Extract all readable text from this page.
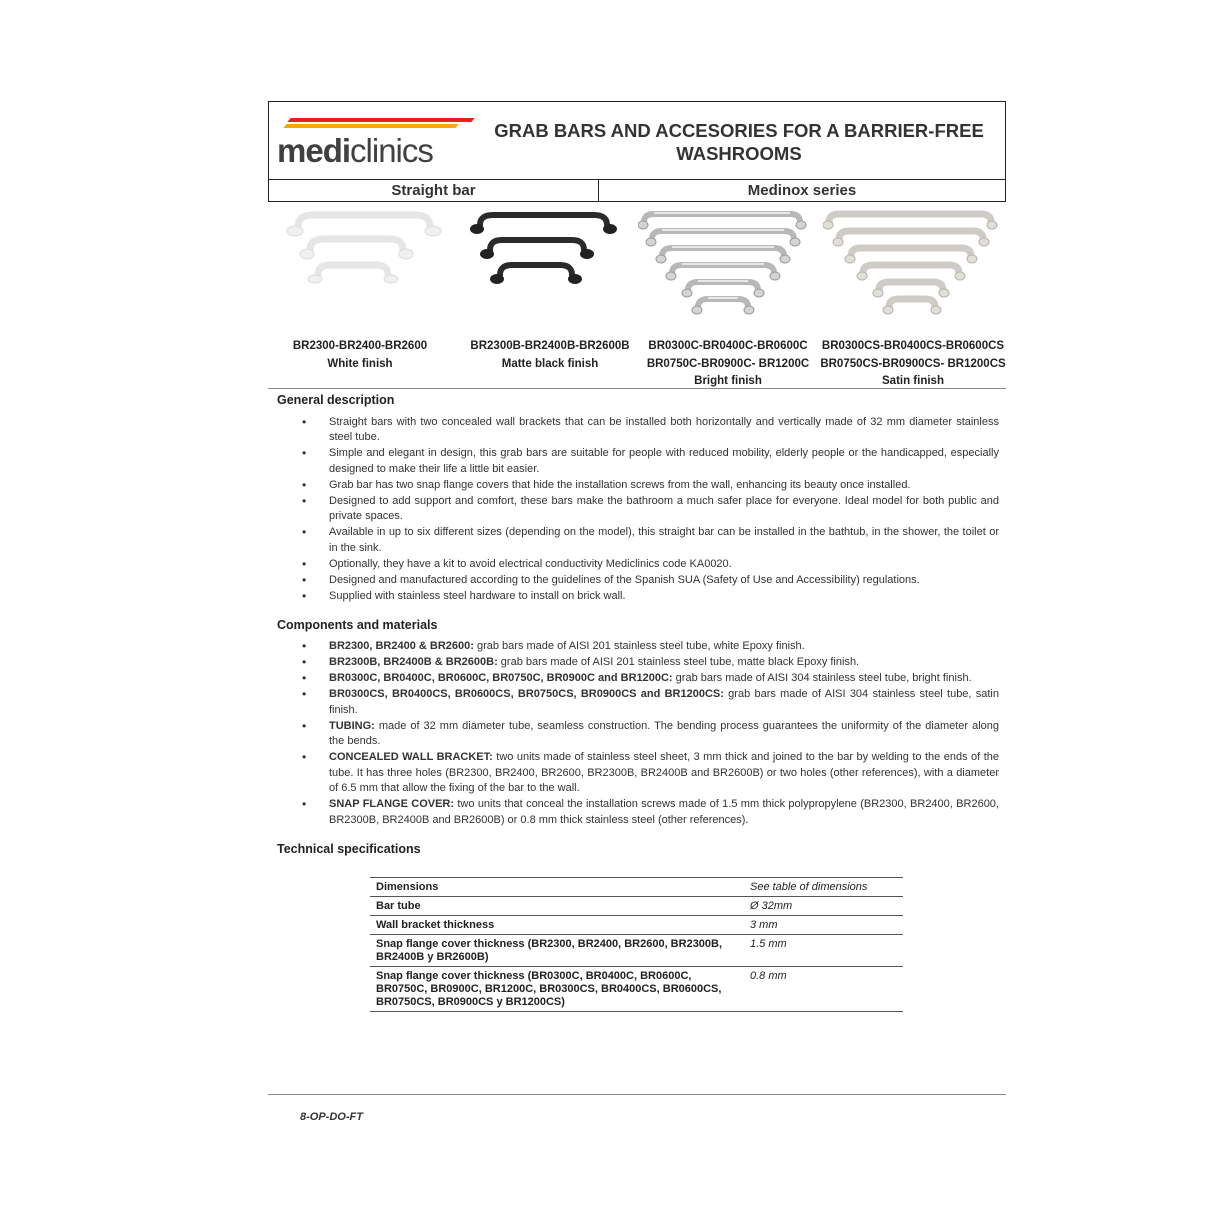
mediclinics
GRAB BARS AND ACCESORIES FOR A BARRIER-FREE WASHROOMS
Straight bar	Medinox series
BR2300-BR2400-BR2600
White finish
BR2300B-BR2400B-BR2600B
Matte black finish
BR0300C-BR0400C-BR0600C
BR0750C-BR0900C- BR1200C
Bright finish
BR0300CS-BR0400CS-BR0600CS
BR0750CS-BR0900CS- BR1200CS
Satin finish
General description
• Straight bars with two concealed wall brackets that can be installed both horizontally and vertically made of 32 mm diameter stainless steel tube.
• Simple and elegant in design, this grab bars are suitable for people with reduced mobility, elderly people or the handicapped, especially designed to make their life a little bit easier.
• Grab bar has two snap flange covers that hide the installation screws from the wall, enhancing its beauty once installed.
• Designed to add support and comfort, these bars make the bathroom a much safer place for everyone. Ideal model for both public and private spaces.
• Available in up to six different sizes (depending on the model), this straight bar can be installed in the bathtub, in the shower, the toilet or in the sink.
• Optionally, they have a kit to avoid electrical conductivity Mediclinics code KA0020.
• Designed and manufactured according to the guidelines of the Spanish SUA (Safety of Use and Accessibility) regulations.
• Supplied with stainless steel hardware to install on brick wall.
Components and materials
• BR2300, BR2400 & BR2600: grab bars made of AISI 201 stainless steel tube, white Epoxy finish.
• BR2300B, BR2400B & BR2600B: grab bars made of AISI 201 stainless steel tube, matte black Epoxy finish.
• BR0300C, BR0400C, BR0600C, BR0750C, BR0900C and BR1200C: grab bars made of AISI 304 stainless steel tube, bright finish.
• BR0300CS, BR0400CS, BR0600CS, BR0750CS, BR0900CS and BR1200CS: grab bars made of AISI 304 stainless steel tube, satin finish.
• TUBING: made of 32 mm diameter tube, seamless construction. The bending process guarantees the uniformity of the diameter along the bends.
• CONCEALED WALL BRACKET: two units made of stainless steel sheet, 3 mm thick and joined to the bar by welding to the ends of the tube. It has three holes (BR2300, BR2400, BR2600, BR2300B, BR2400B and BR2600B) or two holes (other references), with a diameter of 6.5 mm that allow the fixing of the bar to the wall.
• SNAP FLANGE COVER: two units that conceal the installation screws made of 1.5 mm thick polypropylene (BR2300, BR2400, BR2600, BR2300B, BR2400B and BR2600B) or 0.8 mm thick stainless steel (other references).
Technical specifications
Dimensions	See table of dimensions
Bar tube	Ø 32mm
Wall bracket thickness	3 mm
Snap flange cover thickness (BR2300, BR2400, BR2600, BR2300B, BR2400B y BR2600B)	1.5 mm
Snap flange cover thickness (BR0300C, BR0400C, BR0600C, BR0750C, BR0900C, BR1200C, BR0300CS, BR0400CS, BR0600CS, BR0750CS, BR0900CS y BR1200CS)	0.8 mm
8-OP-DO-FT
